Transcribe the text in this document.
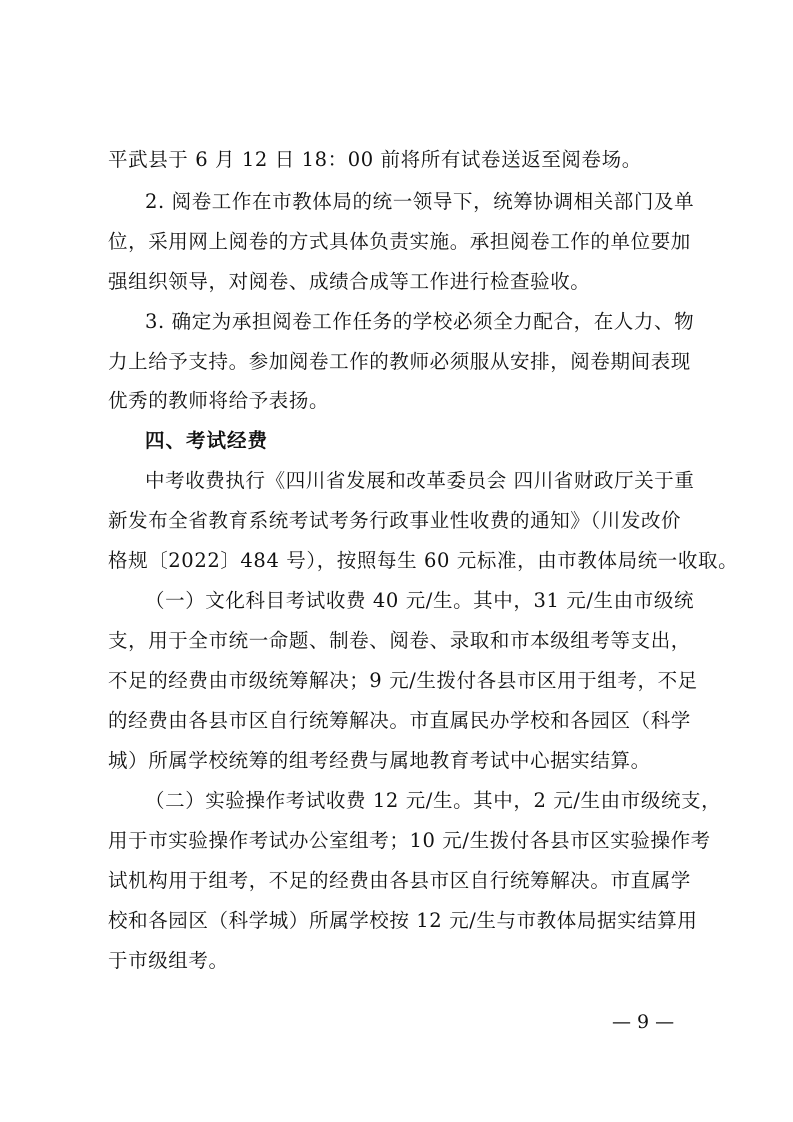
平武县于 6 月 12 日 18：00 前将所有试卷送返至阅卷场。
2. 阅卷工作在市教体局的统一领导下，统筹协调相关部门及单
位，采用网上阅卷的方式具体负责实施。承担阅卷工作的单位要加
强组织领导，对阅卷、成绩合成等工作进行检查验收。
3. 确定为承担阅卷工作任务的学校必须全力配合，在人力、物
力上给予支持。参加阅卷工作的教师必须服从安排，阅卷期间表现
优秀的教师将给予表扬。
四、考试经费
中考收费执行《四川省发展和改革委员会 四川省财政厅关于重
新发布全省教育系统考试考务行政事业性收费的通知》（川发改价
格规〔2022〕484 号），按照每生 60 元标准，由市教体局统一收取。
（一）文化科目考试收费 40 元/生。其中，31 元/生由市级统
支，用于全市统一命题、制卷、阅卷、录取和市本级组考等支出，
不足的经费由市级统筹解决；9 元/生拨付各县市区用于组考，不足
的经费由各县市区自行统筹解决。市直属民办学校和各园区（科学
城）所属学校统筹的组考经费与属地教育考试中心据实结算。
（二）实验操作考试收费 12 元/生。其中，2 元/生由市级统支，
用于市实验操作考试办公室组考；10 元/生拨付各县市区实验操作考
试机构用于组考，不足的经费由各县市区自行统筹解决。市直属学
校和各园区（科学城）所属学校按 12 元/生与市教体局据实结算用
于市级组考。
— 9 —
